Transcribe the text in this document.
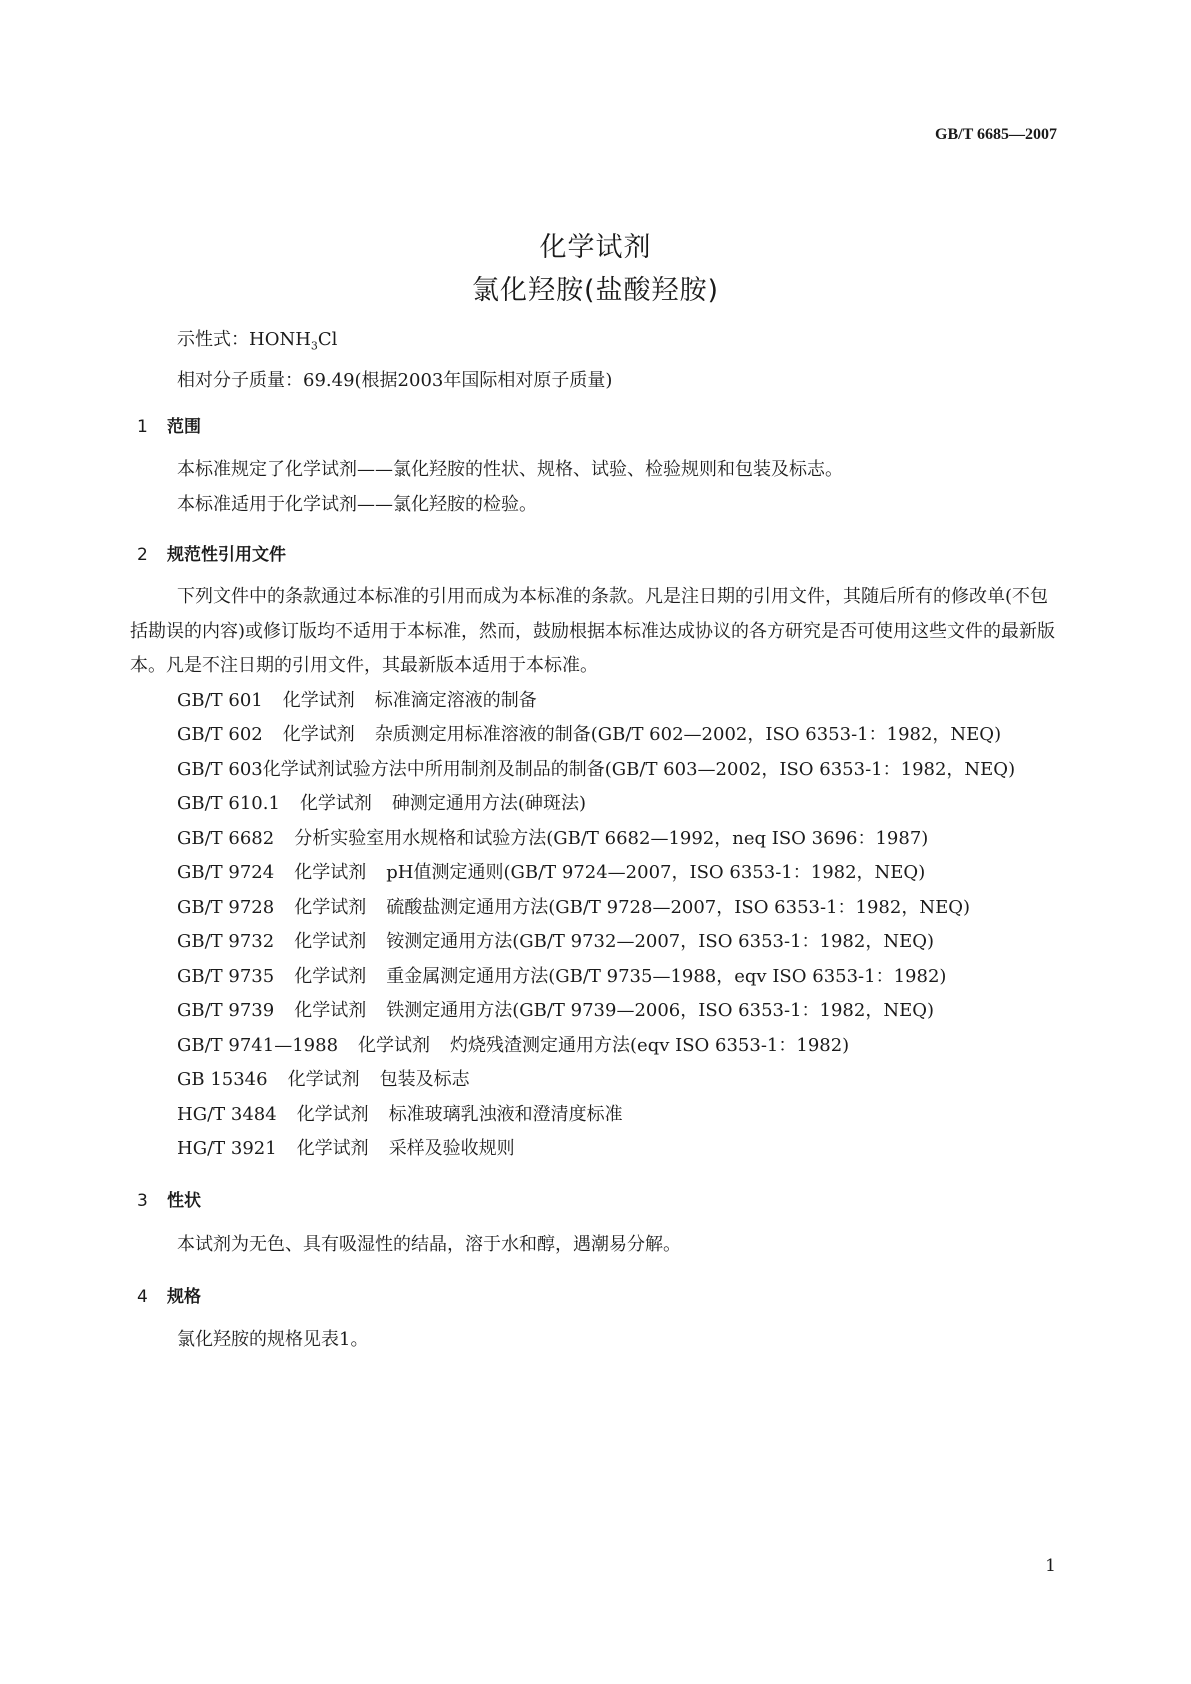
GB/T 6685—2007
化学试剂
氯化羟胺(盐酸羟胺)
示性式：$HONH_3Cl$
相对分子质量：69.49(根据2003年国际相对原子质量)
1 范围
本标准规定了化学试剂——氯化羟胺的性状、规格、试验、检验规则和包装及标志。
本标准适用于化学试剂——氯化羟胺的检验。
2 规范性引用文件
下列文件中的条款通过本标准的引用而成为本标准的条款。凡是注日期的引用文件，其随后所有的修改单(不包括勘误的内容)或修订版均不适用于本标准，然而，鼓励根据本标准达成协议的各方研究是否可使用这些文件的最新版本。凡是不注日期的引用文件，其最新版本适用于本标准。
GB/T 601 化学试剂 标准滴定溶液的制备
GB/T 602 化学试剂 杂质测定用标准溶液的制备(GB/T 602—2002，ISO 6353-1：1982，NEQ)
GB/T 603化学试剂试验方法中所用制剂及制品的制备(GB/T 603—2002，ISO 6353-1：1982，NEQ)
GB/T 610.1 化学试剂 砷测定通用方法(砷斑法)
GB/T 6682 分析实验室用水规格和试验方法(GB/T 6682—1992，neq ISO 3696：1987)
GB/T 9724 化学试剂 pH值测定通则(GB/T 9724—2007，ISO 6353-1：1982，NEQ)
GB/T 9728 化学试剂 硫酸盐测定通用方法(GB/T 9728—2007，ISO 6353-1：1982，NEQ)
GB/T 9732 化学试剂 铵测定通用方法(GB/T 9732—2007，ISO 6353-1：1982，NEQ)
GB/T 9735 化学试剂 重金属测定通用方法(GB/T 9735—1988，eqv ISO 6353-1：1982)
GB/T 9739 化学试剂 铁测定通用方法(GB/T 9739—2006，ISO 6353-1：1982，NEQ)
GB/T 9741—1988 化学试剂 灼烧残渣测定通用方法(eqv ISO 6353-1：1982)
GB 15346 化学试剂 包装及标志
HG/T 3484 化学试剂 标准玻璃乳浊液和澄清度标准
HG/T 3921 化学试剂 采样及验收规则
3 性状
本试剂为无色、具有吸湿性的结晶，溶于水和醇，遇潮易分解。
4 规格
氯化羟胺的规格见表1。
1
